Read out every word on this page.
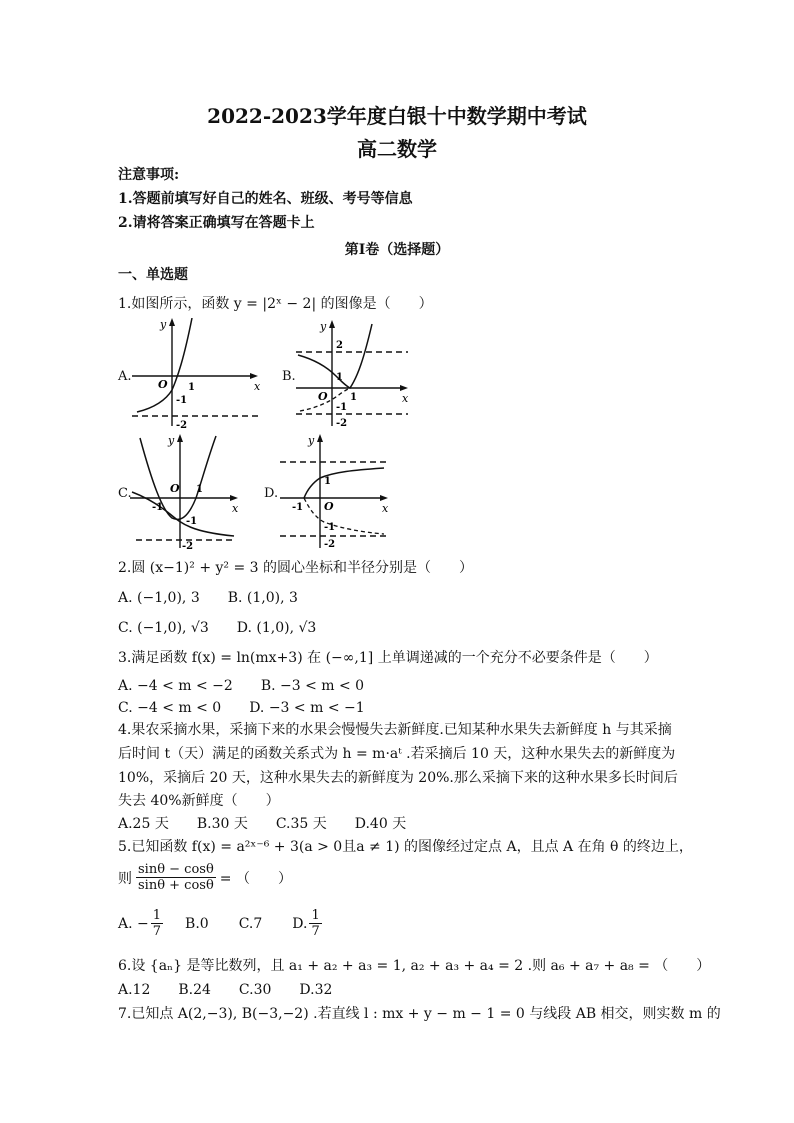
2022-2023学年度白银十中数学期中考试
高二数学
注意事项:
1.答题前填写好自己的姓名、班级、考号等信息
2.请将答案正确填写在答题卡上
第I卷（选择题）
一、单选题
1.如图所示，函数 y = |2ˣ − 2| 的图像是（　　）
A.	B.
C.	D.
x
y
O 1
-1
-2
x
y
2
1
O 1
-1
-2
x
y
O
-1
1
-1
-2
x
y
1
-1 O
-1
-2
2.圆 (x−1)² + y² = 3 的圆心坐标和半径分别是（　　）
A. (−1,0), 3　　B. (1,0), 3
C. (−1,0), √3　　D. (1,0), √3
3.满足函数 f(x) = ln(mx+3) 在 (−∞,1] 上单调递减的一个充分不必要条件是（　　）
A. −4 < m < −2　　B. −3 < m < 0
C. −4 < m < 0　　D. −3 < m < −1
4.果农采摘水果，采摘下来的水果会慢慢失去新鲜度.已知某种水果失去新鲜度 h 与其采摘
后时间 t（天）满足的函数关系式为 h = m·aᵗ .若采摘后 10 天，这种水果失去的新鲜度为
10%，采摘后 20 天，这种水果失去的新鲜度为 20%.那么采摘下来的这种水果多长时间后
失去 40%新鲜度（　　）
A.25 天　　B.30 天　　C.35 天　　D.40 天
5.已知函数 f(x) = a²ˣ⁻⁶ + 3(a > 0且a ≠ 1) 的图像经过定点 A，且点 A 在角 θ 的终边上，
则 $\frac{\sin\theta - \cos\theta}{\sin\theta + \cos\theta}$ = （　　）
A. − $\frac{1}{7} B.0$ C.7 D. $\frac{1}{7}$
6.设 {aₙ} 是等比数列，且 a₁ + a₂ + a₃ = 1, a₂ + a₃ + a₄ = 2 .则 a₆ + a₇ + a₈ = （　　）
A.12　　B.24　　C.30　　D.32
7.已知点 A(2,−3), B(−3,−2) .若直线 l : mx + y − m − 1 = 0 与线段 AB 相交，则实数 m 的
